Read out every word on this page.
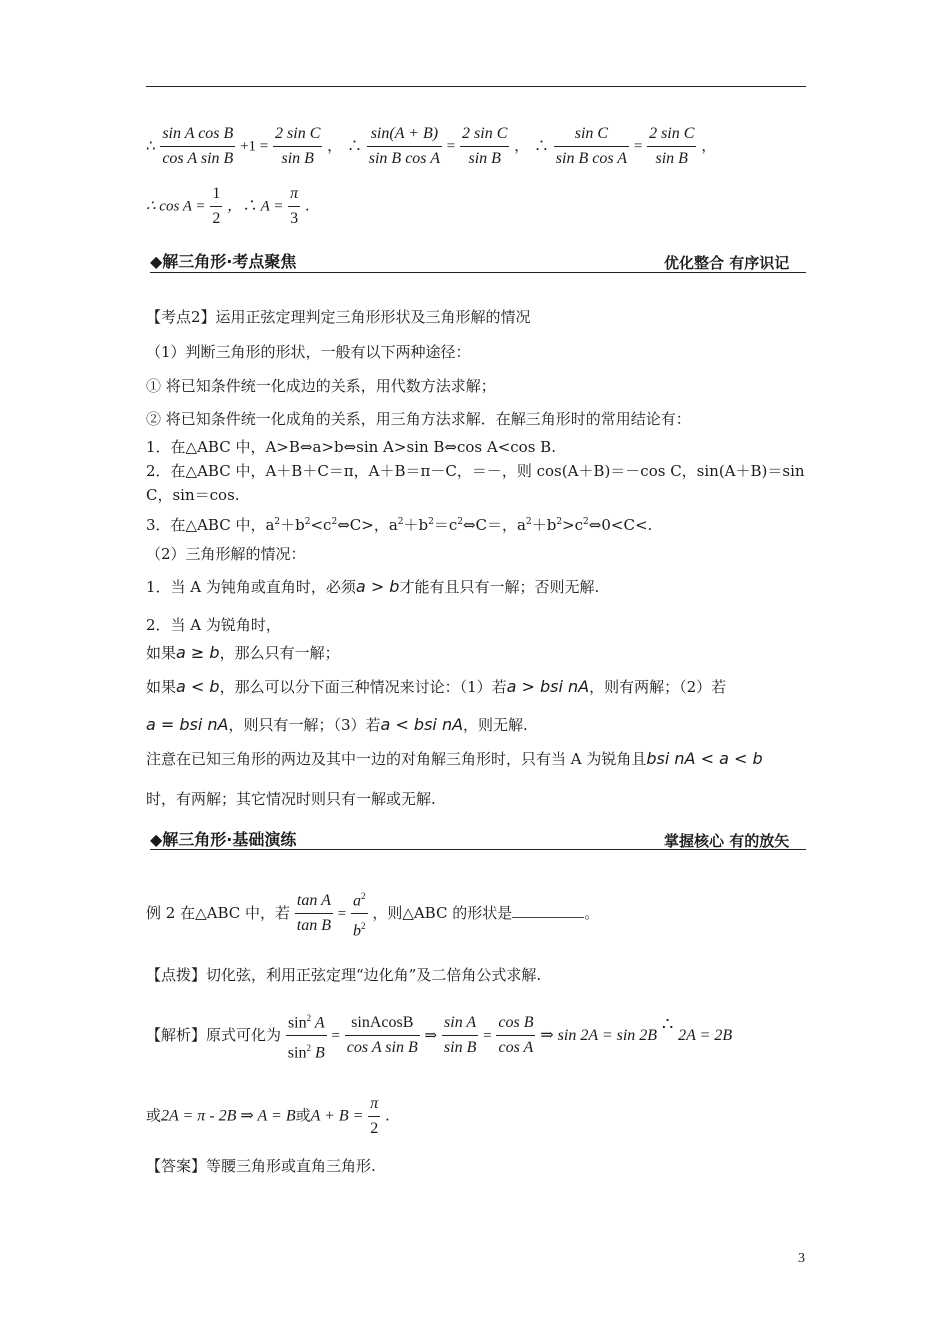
∴ $\frac{\text{sin A cos B}}{\text{cos A sin B}} +1 = \frac{\text{2 sin C}}{\text{sin B}}$ ， ∴ $\frac{\sin(A + B)}{\text{sin B cos A}} = \frac{\text{2 sin C}}{\text{sin B}}$ ， ∴ $\frac{\text{sin C}}{\text{sin B cos A}} = \frac{\text{2 sin C}}{\text{sin B}}$ ，
∴ $\cos A = \frac{1}{2}$ ，∴ $A = \frac{\pi}{3}$ .
◆解三角形·考点聚焦	优化整合 有序识记
【考点2】运用正弦定理判定三角形形状及三角形解的情况
（1）判断三角形的形状，一般有以下两种途径：
① 将已知条件统一化成边的关系，用代数方法求解；
② 将已知条件统一化成角的关系，用三角方法求解．在解三角形时的常用结论有：
1．在△ABC 中，A>B⇔a>b⇔sin A>sin B⇔cos A<cos B.
2．在△ABC 中，A＋B＋C＝π，A＋B＝π－C，＝－，则 cos(A＋B)＝－cos C，sin(A＋B)＝sin
C，sin＝cos.
3．在△ABC 中，$a^2+b^2<c^2\Leftrightarrow C>$，$a^2+b^2=c^2\Leftrightarrow C=$，$a^2+b^2>c^2\Leftrightarrow 0<C<$.
（2）三角形解的情况：
1．当 A 为钝角或直角时，必须a > b才能有且只有一解；否则无解.
2．当 A 为锐角时，
如果a ≥ b，那么只有一解；
如果a < b，那么可以分下面三种情况来讨论：（1）若a > bsi nA，则有两解；（2）若
a = bsi nA，则只有一解；（3）若a < bsi nA，则无解.
注意在已知三角形的两边及其中一边的对角解三角形时，只有当 A 为锐角且bsi nA < a < b
时，有两解；其它情况时则只有一解或无解.
◆解三角形·基础演练	掌握核心 有的放矢
例 2 在△ABC 中，若 $\frac{\text{tan A}}{\text{tan B}} = \frac{a^2}{b^2}$ ，则△ABC 的形状是	。
【点拨】切化弦，利用正弦定理“边化角”及二倍角公式求解.
【解析】原式可化为 $\frac{\sin^2 A}{\sin^2 B} = \frac{\text{sinAcosB}}{\text{cos A sin B}}$ ⇒ $\frac{\text{sin A}}{\text{sin B}} = \frac{\text{cos B}}{\text{cos A}}$ ⇒ sin 2A = sin 2B ∴ 2A = 2B
或2A = π - 2B ⇒ A = B或$A + B = \frac{\pi}{2}$ .
【答案】等腰三角形或直角三角形.
3
